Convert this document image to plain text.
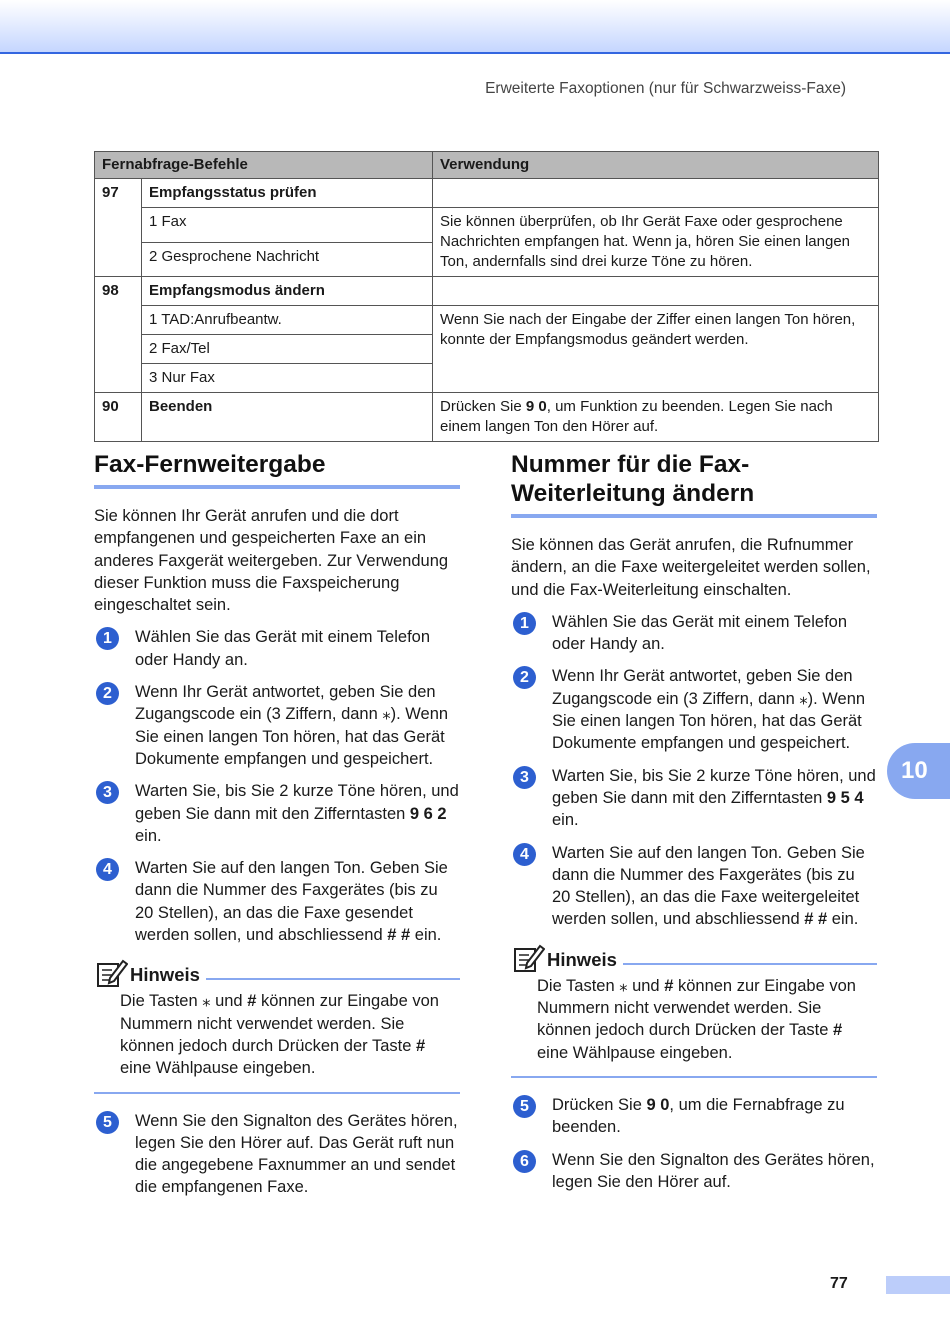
Erweiterte Faxoptionen (nur für Schwarzweiss-Faxe)
Fernabfrage-Befehle		Verwendung
97	Empfangsstatus prüfen	
	1 Fax	Sie können überprüfen, ob Ihr Gerät Faxe oder gesprochene Nachrichten empfangen hat. Wenn ja, hören Sie einen langen Ton, andernfalls sind drei kurze Töne zu hören.
	2 Gesprochene Nachricht	
98	Empfangsmodus ändern	
	1 TAD:Anrufbeantw.	Wenn Sie nach der Eingabe der Ziffer einen langen Ton hören, konnte der Empfangsmodus geändert werden.
	2 Fax/Tel	
	3 Nur Fax	
90	Beenden	Drücken Sie 9 0, um Funktion zu beenden. Legen Sie nach einem langen Ton den Hörer auf.
Fax-Fernweitergabe

Sie können Ihr Gerät anrufen und die dort empfangenen und gespeicherten Faxe an ein anderes Faxgerät weitergeben. Zur Verwendung dieser Funktion muss die Faxspeicherung eingeschaltet sein.

1	Wählen Sie das Gerät mit einem Telefon oder Handy an.
2	Wenn Ihr Gerät antwortet, geben Sie den Zugangscode ein (3 Ziffern, dann ⁎). Wenn Sie einen langen Ton hören, hat das Gerät Dokumente empfangen und gespeichert.
3	Warten Sie, bis Sie 2 kurze Töne hören, und geben Sie dann mit den Zifferntasten 9 6 2 ein.
4	Warten Sie auf den langen Ton. Geben Sie dann die Nummer des Faxgerätes (bis zu 20 Stellen), an das die Faxe gesendet werden sollen, und abschliessend # # ein.
Hinweis
Die Tasten ⁎ und # können zur Eingabe von Nummern nicht verwendet werden. Sie können jedoch durch Drücken der Taste # eine Wählpause eingeben.
5	Wenn Sie den Signalton des Gerätes hören, legen Sie den Hörer auf. Das Gerät ruft nun die angegebene Faxnummer an und sendet die empfangenen Faxe.
Nummer für die Fax-Weiterleitung ändern

Sie können das Gerät anrufen, die Rufnummer ändern, an die Faxe weitergeleitet werden sollen, und die Fax-Weiterleitung einschalten.

1	Wählen Sie das Gerät mit einem Telefon oder Handy an.
2	Wenn Ihr Gerät antwortet, geben Sie den Zugangscode ein (3 Ziffern, dann ⁎). Wenn Sie einen langen Ton hören, hat das Gerät Dokumente empfangen und gespeichert.
3	Warten Sie, bis Sie 2 kurze Töne hören, und geben Sie dann mit den Zifferntasten 9 5 4 ein.
4	Warten Sie auf den langen Ton. Geben Sie dann die Nummer des Faxgerätes (bis zu 20 Stellen), an das die Faxe weitergeleitet werden sollen, und abschliessend # # ein.
Hinweis
Die Tasten ⁎ und # können zur Eingabe von Nummern nicht verwendet werden. Sie können jedoch durch Drücken der Taste # eine Wählpause eingeben.
5	Drücken Sie 9 0, um die Fernabfrage zu beenden.
6	Wenn Sie den Signalton des Gerätes hören, legen Sie den Hörer auf.
10
77
